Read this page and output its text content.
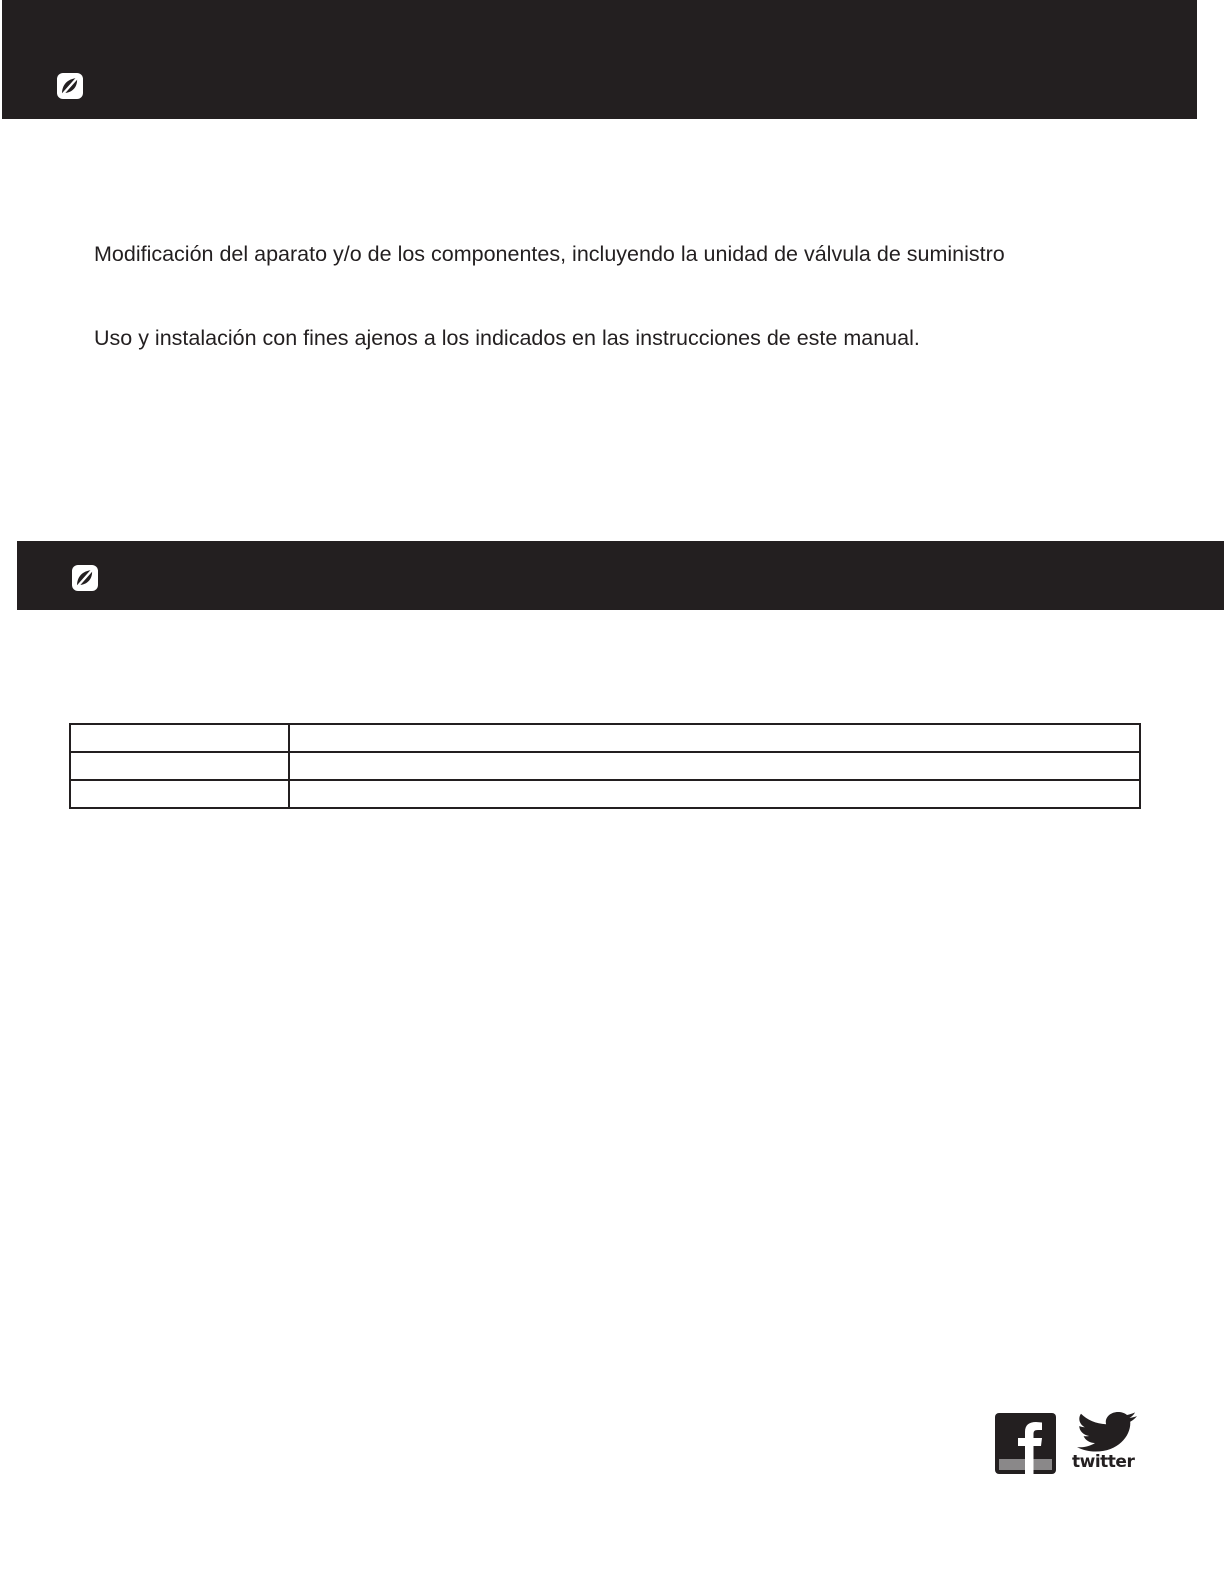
Modificación del aparato y/o de los componentes, incluyendo la unidad de válvula de suministro

Uso y instalación con fines ajenos a los indicados en las instrucciones de este manual.

twitter
